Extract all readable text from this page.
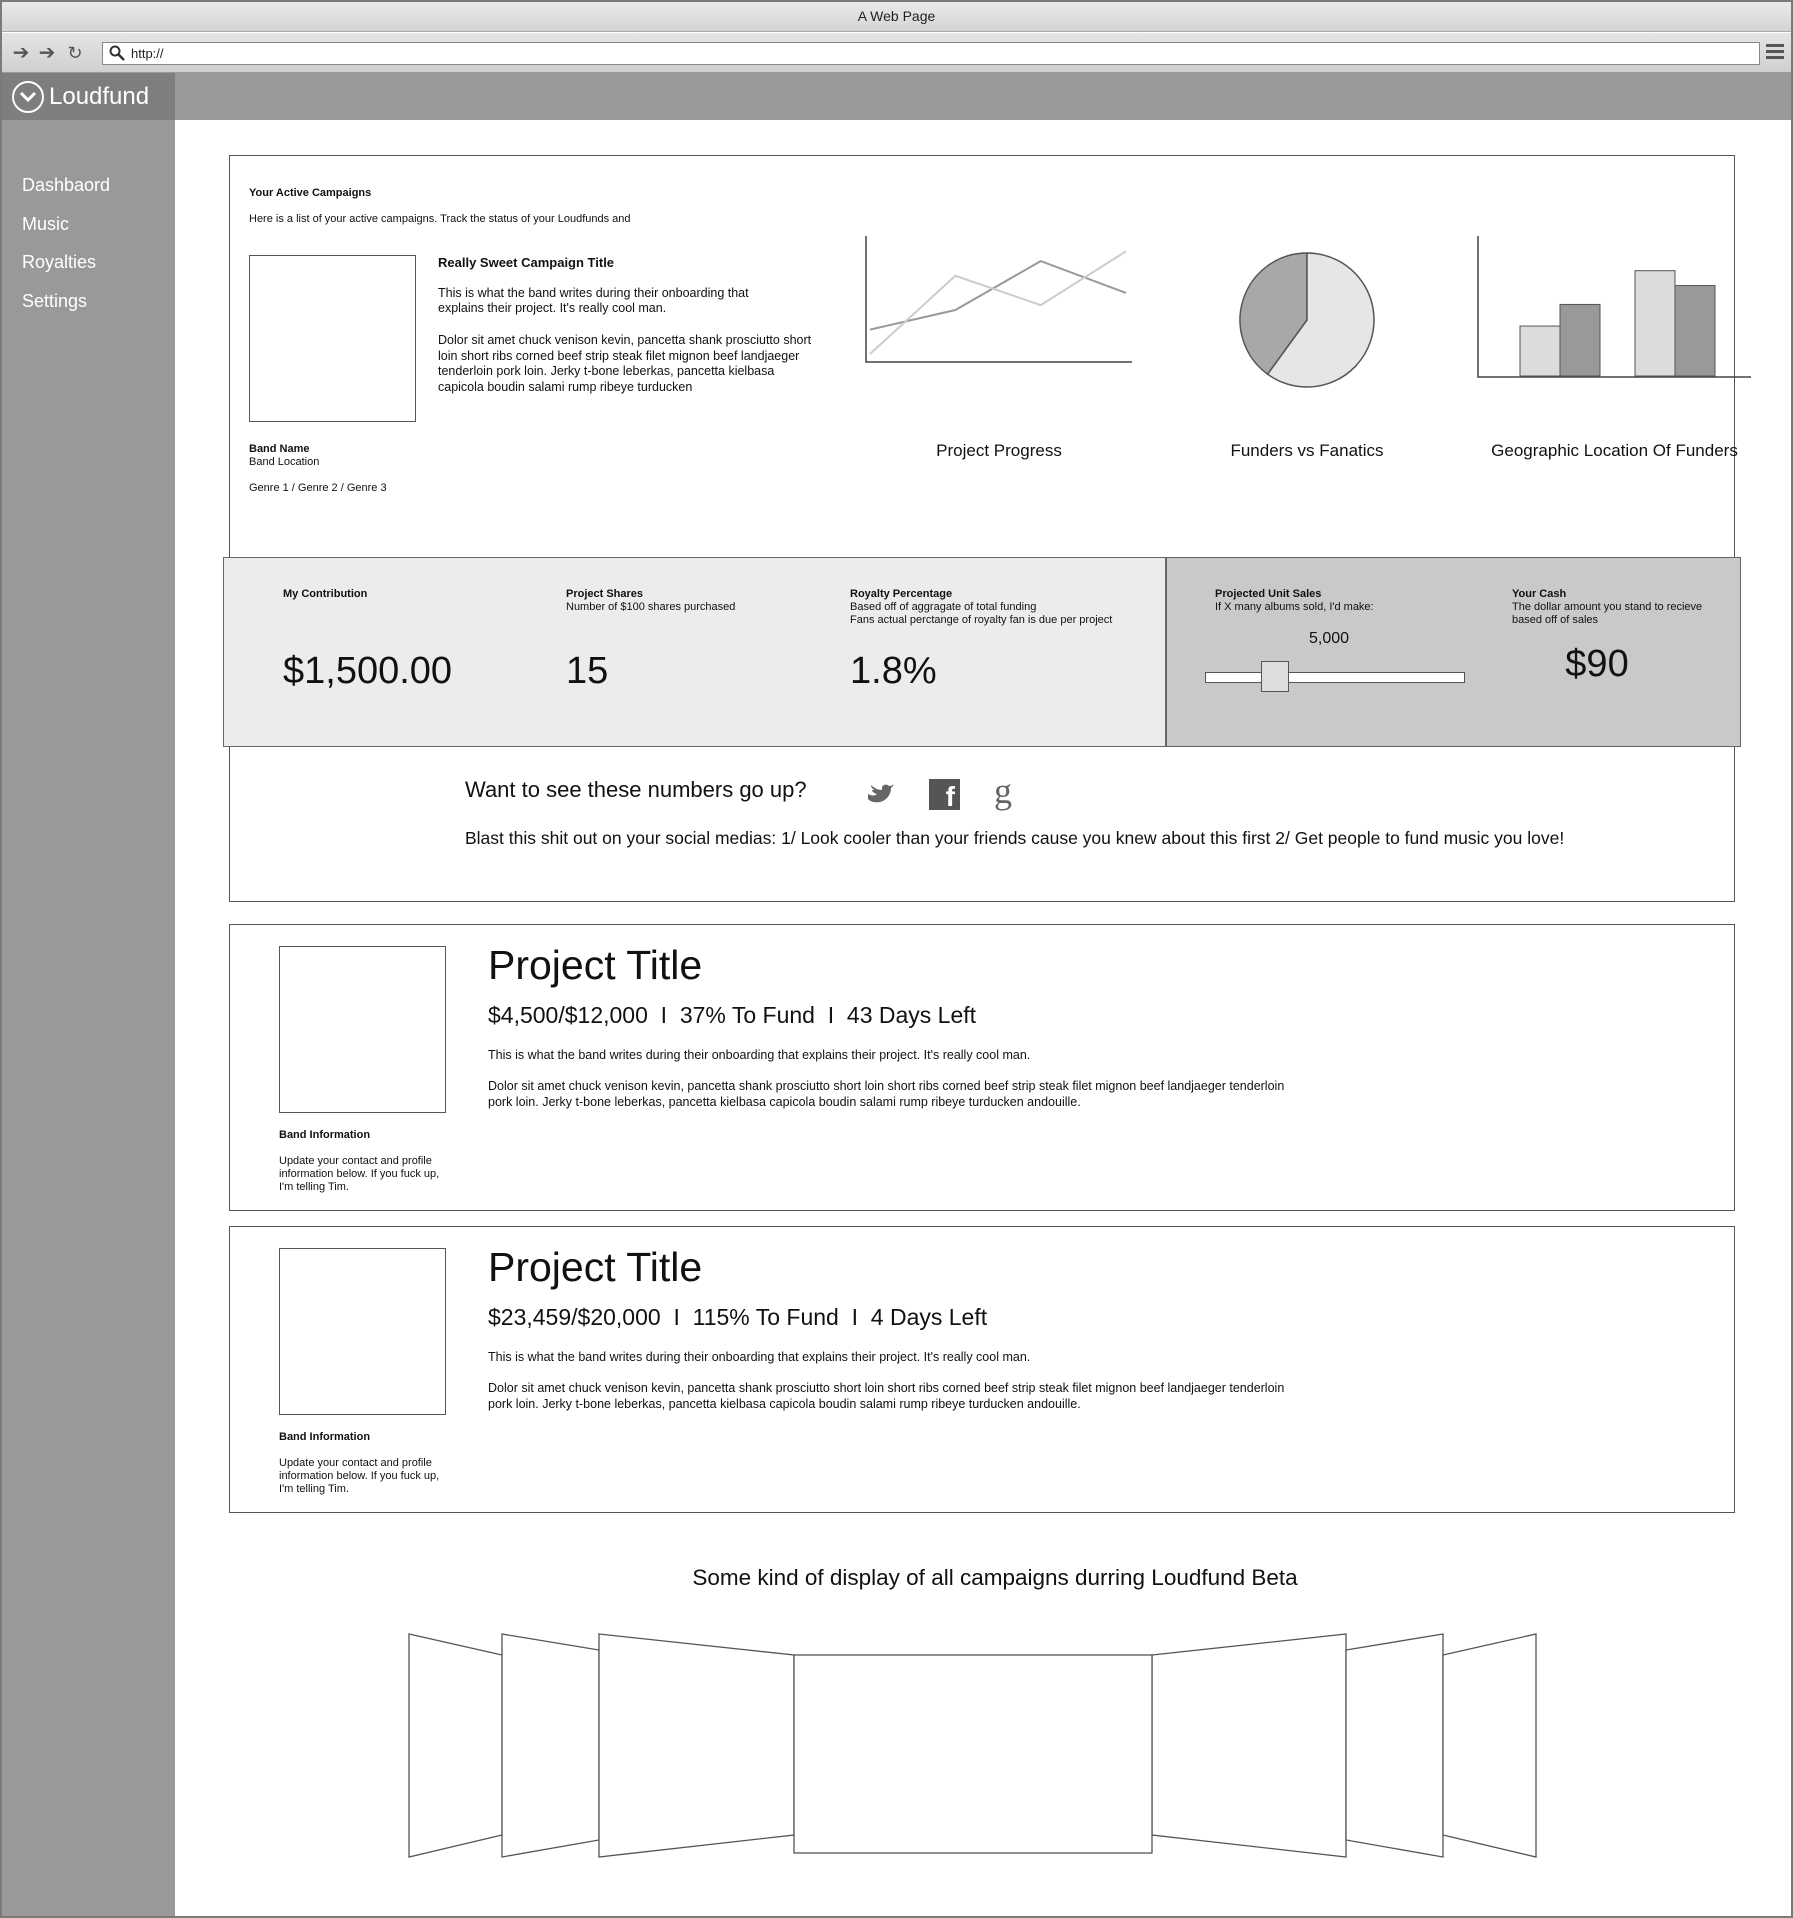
A Web Page
➔ ➔ ↻	http://
Loudfund
Dashbaord
Music
Royalties
Settings
Your Active Campaigns
Here is a list of your active campaigns. Track the status of your Loudfunds and
Really Sweet Campaign Title
This is what the band writes during their onboarding that explains their project. It's really cool man.
Dolor sit amet chuck venison kevin, pancetta shank prosciutto short loin short ribs corned beef strip steak filet mignon beef landjaeger tenderloin pork loin. Jerky t-bone leberkas, pancetta kielbasa capicola boudin salami rump ribeye turducken
Band Name
Band Location
Genre 1 / Genre 2 / Genre 3
Project Progress	Funders vs Fanatics	Geographic Location Of Funders
My Contribution
$1,500.00
Project Shares
Number of $100 shares purchased
15
Royalty Percentage
Based off of aggragate of total funding
Fans actual perctange of royalty fan is due per project
1.8%
Projected Unit Sales
If X many albums sold, I'd make:
5,000
Your Cash
The dollar amount you stand to recieve
based off of sales
$90
Want to see these numbers go up?	f g
Blast this shit out on your social medias: 1/ Look cooler than your friends cause you knew about this first 2/ Get people to fund music you love!
Band Information
Update your contact and profile information below. If you fuck up, I'm telling Tim.
Project Title
$4,500/$12,000 I 37% To Fund I 43 Days Left
This is what the band writes during their onboarding that explains their project. It's really cool man.
Dolor sit amet chuck venison kevin, pancetta shank prosciutto short loin short ribs corned beef strip steak filet mignon beef landjaeger tenderloin pork loin. Jerky t-bone leberkas, pancetta kielbasa capicola boudin salami rump ribeye turducken andouille.
Band Information
Update your contact and profile information below. If you fuck up, I'm telling Tim.
Project Title
$23,459/$20,000 I 115% To Fund I 4 Days Left
This is what the band writes during their onboarding that explains their project. It's really cool man.
Dolor sit amet chuck venison kevin, pancetta shank prosciutto short loin short ribs corned beef strip steak filet mignon beef landjaeger tenderloin pork loin. Jerky t-bone leberkas, pancetta kielbasa capicola boudin salami rump ribeye turducken andouille.
Some kind of display of all campaigns durring Loudfund Beta
